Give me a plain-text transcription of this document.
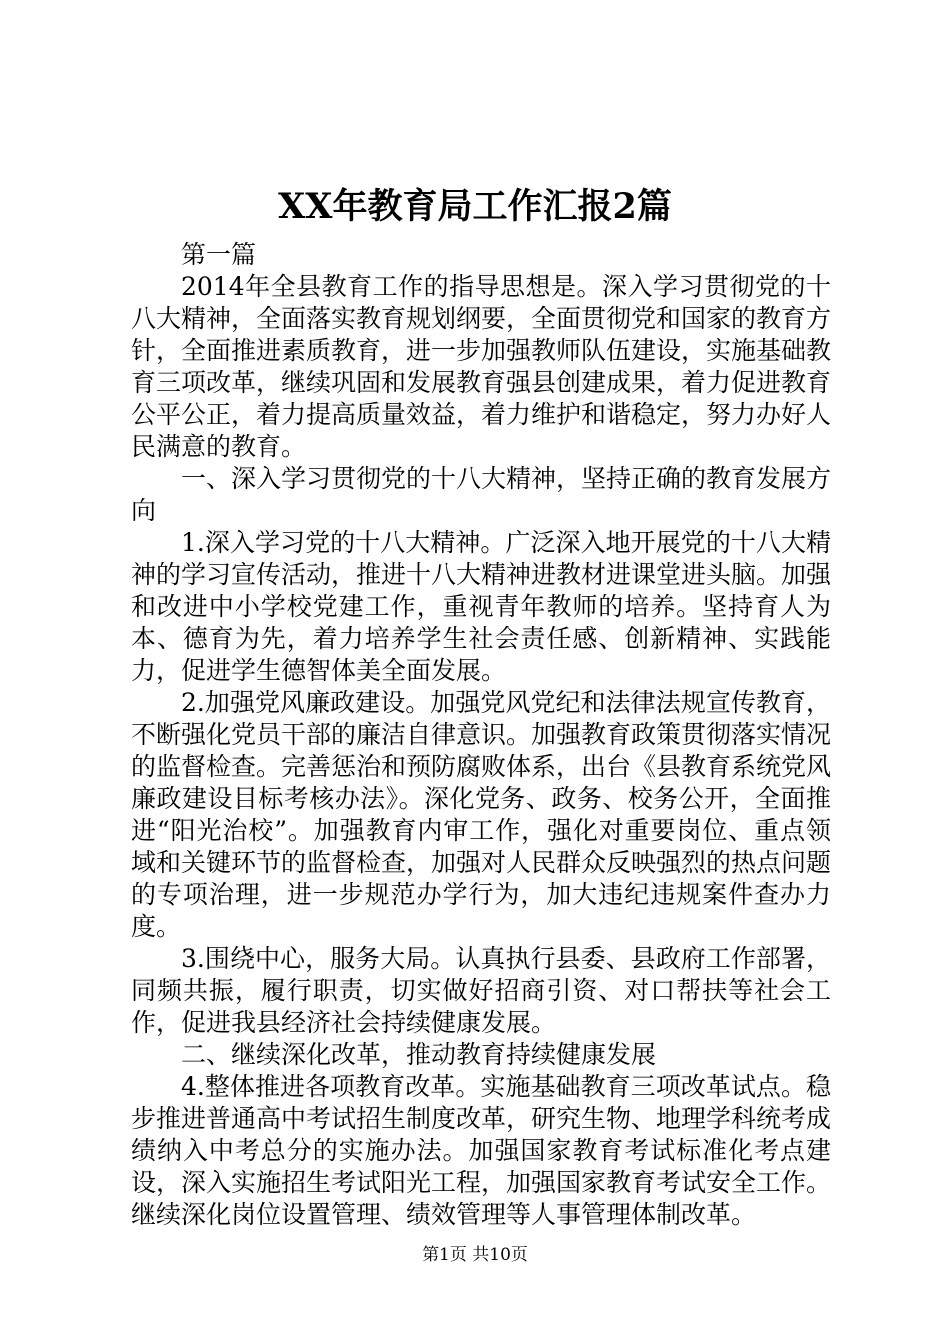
XX年教育局工作汇报2篇

第一篇

2014年全县教育工作的指导思想是。深入学习贯彻党的十八大精神，全面落实教育规划纲要，全面贯彻党和国家的教育方针，全面推进素质教育，进一步加强教师队伍建设，实施基础教育三项改革，继续巩固和发展教育强县创建成果，着力促进教育公平公正，着力提高质量效益，着力维护和谐稳定，努力办好人民满意的教育。

一、深入学习贯彻党的十八大精神，坚持正确的教育发展方向

1.深入学习党的十八大精神。广泛深入地开展党的十八大精神的学习宣传活动，推进十八大精神进教材进课堂进头脑。加强和改进中小学校党建工作，重视青年教师的培养。坚持育人为本、德育为先，着力培养学生社会责任感、创新精神、实践能力，促进学生德智体美全面发展。

2.加强党风廉政建设。加强党风党纪和法律法规宣传教育，不断强化党员干部的廉洁自律意识。加强教育政策贯彻落实情况的监督检查。完善惩治和预防腐败体系，出台《县教育系统党风廉政建设目标考核办法》。深化党务、政务、校务公开，全面推进“阳光治校”。加强教育内审工作，强化对重要岗位、重点领域和关键环节的监督检查，加强对人民群众反映强烈的热点问题的专项治理，进一步规范办学行为，加大违纪违规案件查办力度。

3.围绕中心，服务大局。认真执行县委、县政府工作部署，同频共振，履行职责，切实做好招商引资、对口帮扶等社会工作，促进我县经济社会持续健康发展。

二、继续深化改革，推动教育持续健康发展

4.整体推进各项教育改革。实施基础教育三项改革试点。稳步推进普通高中考试招生制度改革，研究生物、地理学科统考成绩纳入中考总分的实施办法。加强国家教育考试标准化考点建设，深入实施招生考试阳光工程，加强国家教育考试安全工作。继续深化岗位设置管理、绩效管理等人事管理体制改革。

第1页 共10页
